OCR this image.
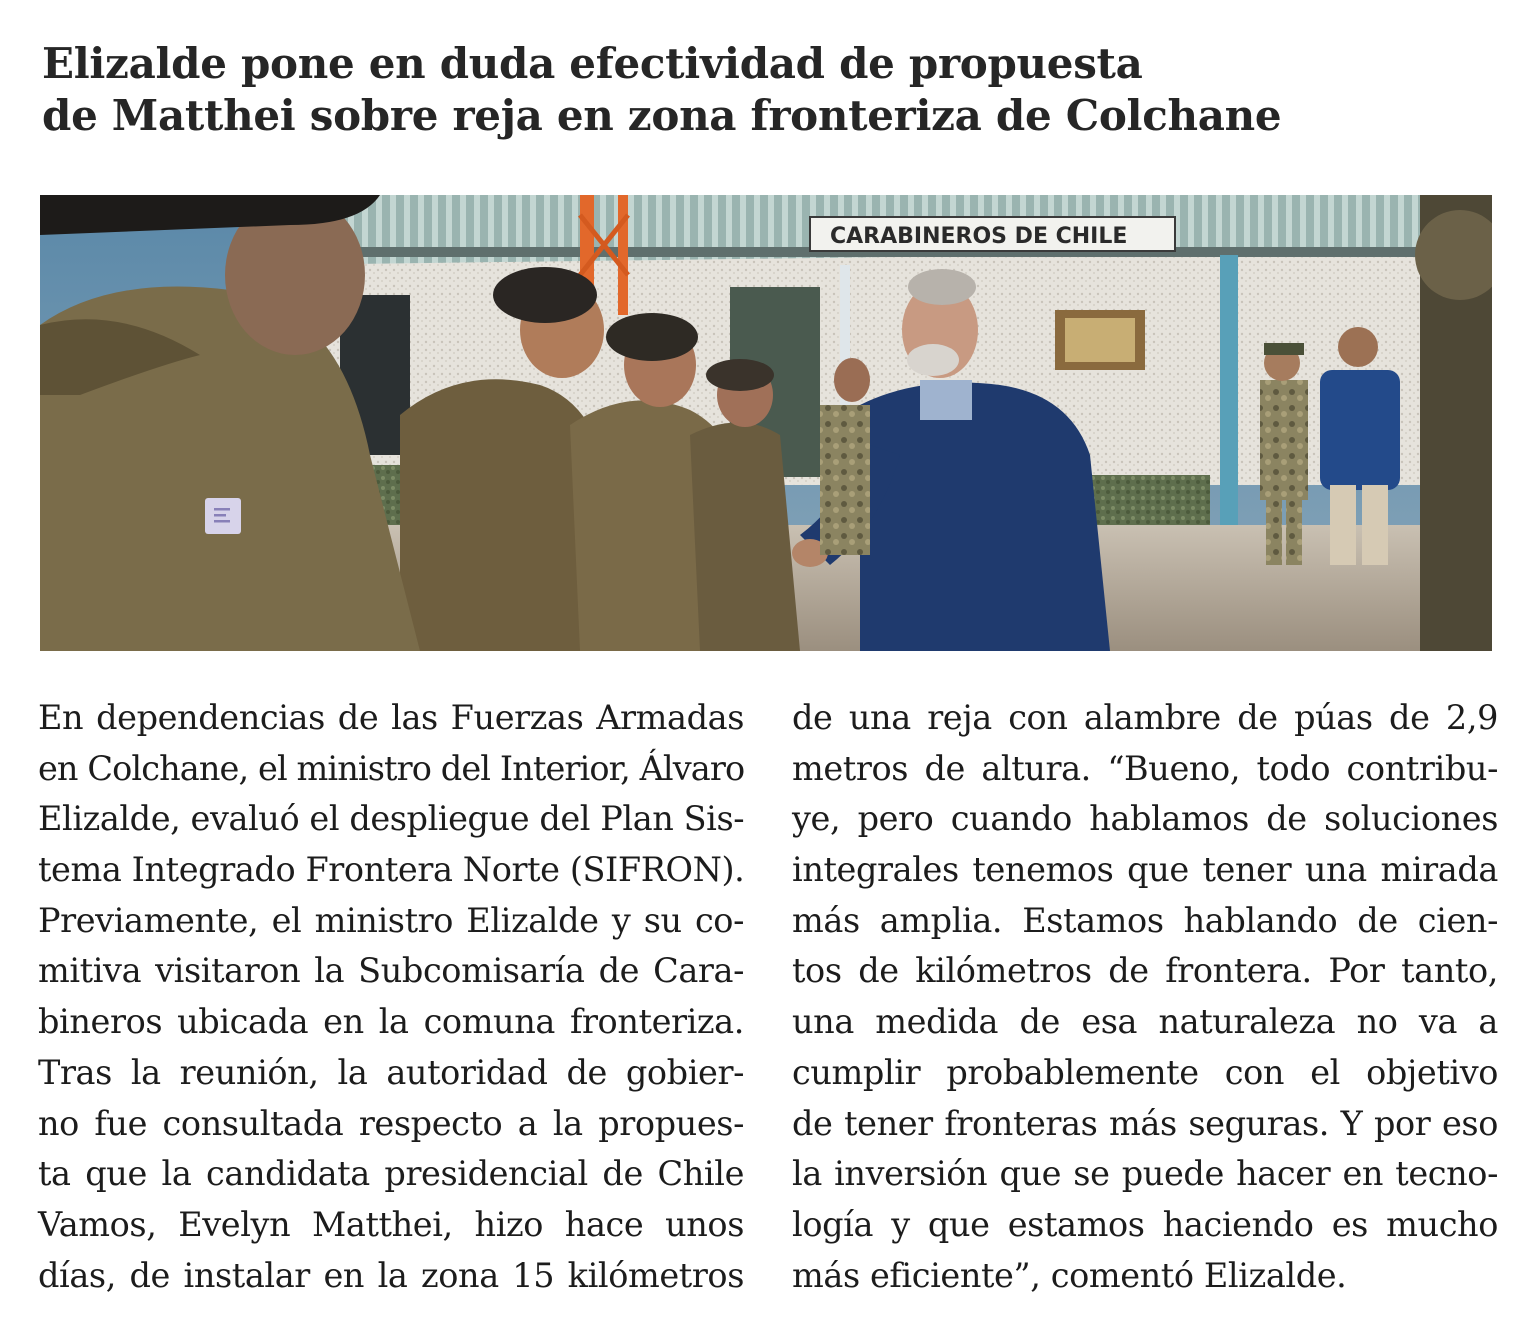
Elizalde pone en duda efectividad de propuesta
de Matthei sobre reja en zona fronteriza de Colchane
CARABINEROS DE CHILE
En dependencias de las Fuerzas Armadas
en Colchane, el ministro del Interior, Álvaro
Elizalde, evaluó el despliegue del Plan Sis-
tema Integrado Frontera Norte (SIFRON).
Previamente, el ministro Elizalde y su co-
mitiva visitaron la Subcomisaría de Cara-
bineros ubicada en la comuna fronteriza.
Tras la reunión, la autoridad de gobier-
no fue consultada respecto a la propues-
ta que la candidata presidencial de Chile
Vamos, Evelyn Matthei, hizo hace unos
días, de instalar en la zona 15 kilómetros
de una reja con alambre de púas de 2,9
metros de altura. “Bueno, todo contribu-
ye, pero cuando hablamos de soluciones
integrales tenemos que tener una mirada
más amplia. Estamos hablando de cien-
tos de kilómetros de frontera. Por tanto,
una medida de esa naturaleza no va a
cumplir probablemente con el objetivo
de tener fronteras más seguras. Y por eso
la inversión que se puede hacer en tecno-
logía y que estamos haciendo es mucho
más eficiente”, comentó Elizalde.
